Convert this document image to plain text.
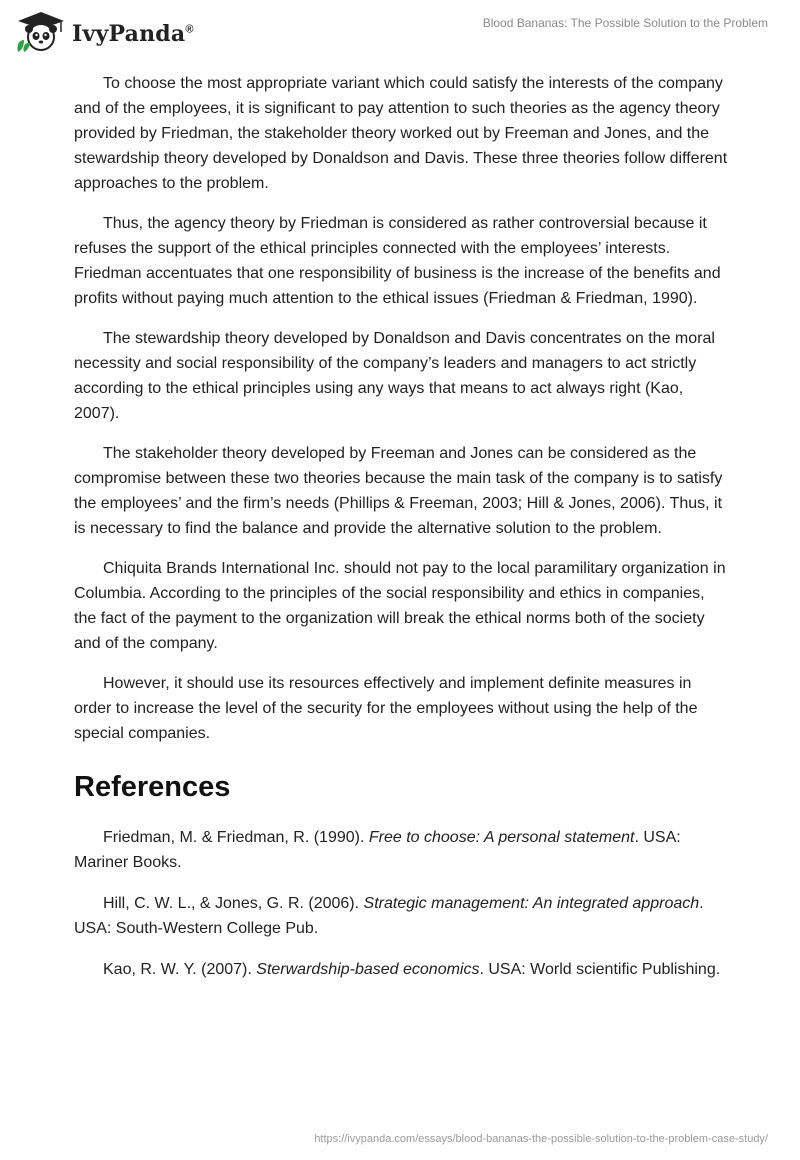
IvyPanda®	Blood Bananas: The Possible Solution to the Problem

To choose the most appropriate variant which could satisfy the interests of the company and of the employees, it is significant to pay attention to such theories as the agency theory provided by Friedman, the stakeholder theory worked out by Freeman and Jones, and the stewardship theory developed by Donaldson and Davis. These three theories follow different approaches to the problem.

Thus, the agency theory by Friedman is considered as rather controversial because it refuses the support of the ethical principles connected with the employees’ interests. Friedman accentuates that one responsibility of business is the increase of the benefits and profits without paying much attention to the ethical issues (Friedman & Friedman, 1990).

The stewardship theory developed by Donaldson and Davis concentrates on the moral necessity and social responsibility of the company’s leaders and managers to act strictly according to the ethical principles using any ways that means to act always right (Kao, 2007).

The stakeholder theory developed by Freeman and Jones can be considered as the compromise between these two theories because the main task of the company is to satisfy the employees’ and the firm’s needs (Phillips & Freeman, 2003; Hill & Jones, 2006). Thus, it is necessary to find the balance and provide the alternative solution to the problem.

Chiquita Brands International Inc. should not pay to the local paramilitary organization in Columbia. According to the principles of the social responsibility and ethics in companies, the fact of the payment to the organization will break the ethical norms both of the society and of the company.

However, it should use its resources effectively and implement definite measures in order to increase the level of the security for the employees without using the help of the special companies.

References
Friedman, M. & Friedman, R. (1990). Free to choose: A personal statement. USA: Mariner Books.
Hill, C. W. L., & Jones, G. R. (2006). Strategic management: An integrated approach. USA: South-Western College Pub.
Kao, R. W. Y. (2007). Sterwardship-based economics. USA: World scientific Publishing.
https://ivypanda.com/essays/blood-bananas-the-possible-solution-to-the-problem-case-study/
